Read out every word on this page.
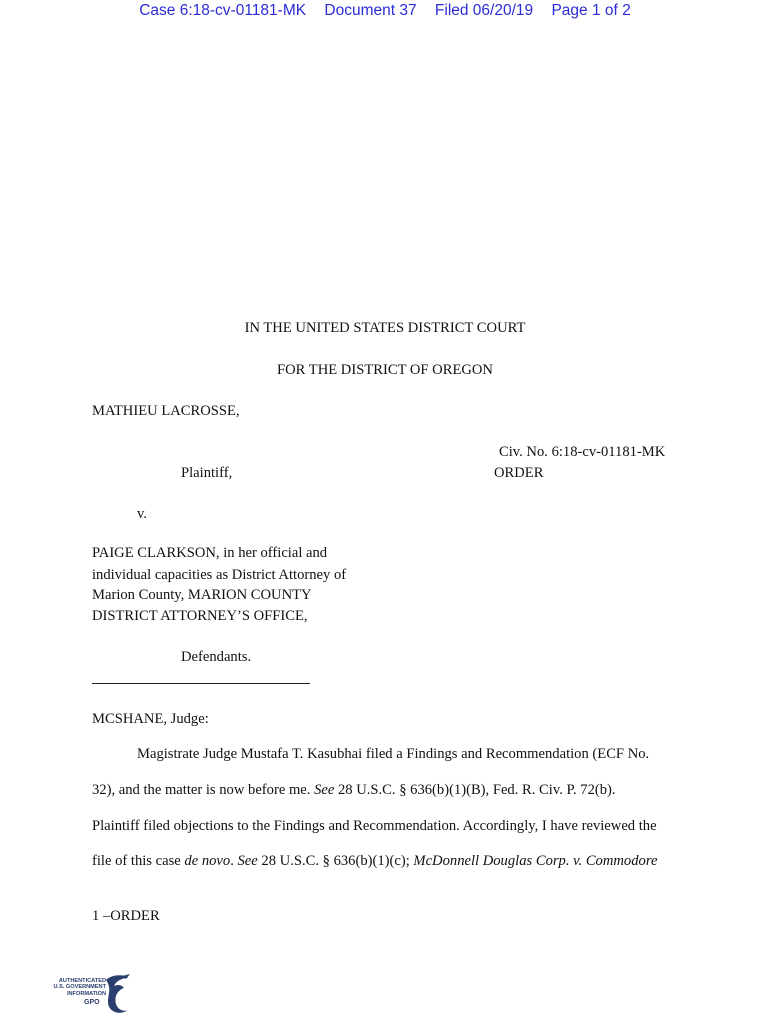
Case 6:18-cv-01181-MK Document 37 Filed 06/20/19 Page 1 of 2
IN THE UNITED STATES DISTRICT COURT
FOR THE DISTRICT OF OREGON
MATHIEU LACROSSE,
Civ. No. 6:18-cv-01181-MK
Plaintiff,	ORDER
v.
PAIGE CLARKSON, in her official and
individual capacities as District Attorney of
Marion County, MARION COUNTY
DISTRICT ATTORNEY’S OFFICE,
Defendants.
MCSHANE, Judge:
Magistrate Judge Mustafa T. Kasubhai filed a Findings and Recommendation (ECF No.
32), and the matter is now before me. See 28 U.S.C. § 636(b)(1)(B), Fed. R. Civ. P. 72(b).
Plaintiff filed objections to the Findings and Recommendation. Accordingly, I have reviewed the
file of this case de novo. See 28 U.S.C. § 636(b)(1)(c); McDonnell Douglas Corp. v. Commodore
1 –ORDER
AUTHENTICATED
U.S. GOVERNMENT
INFORMATION
GPO
